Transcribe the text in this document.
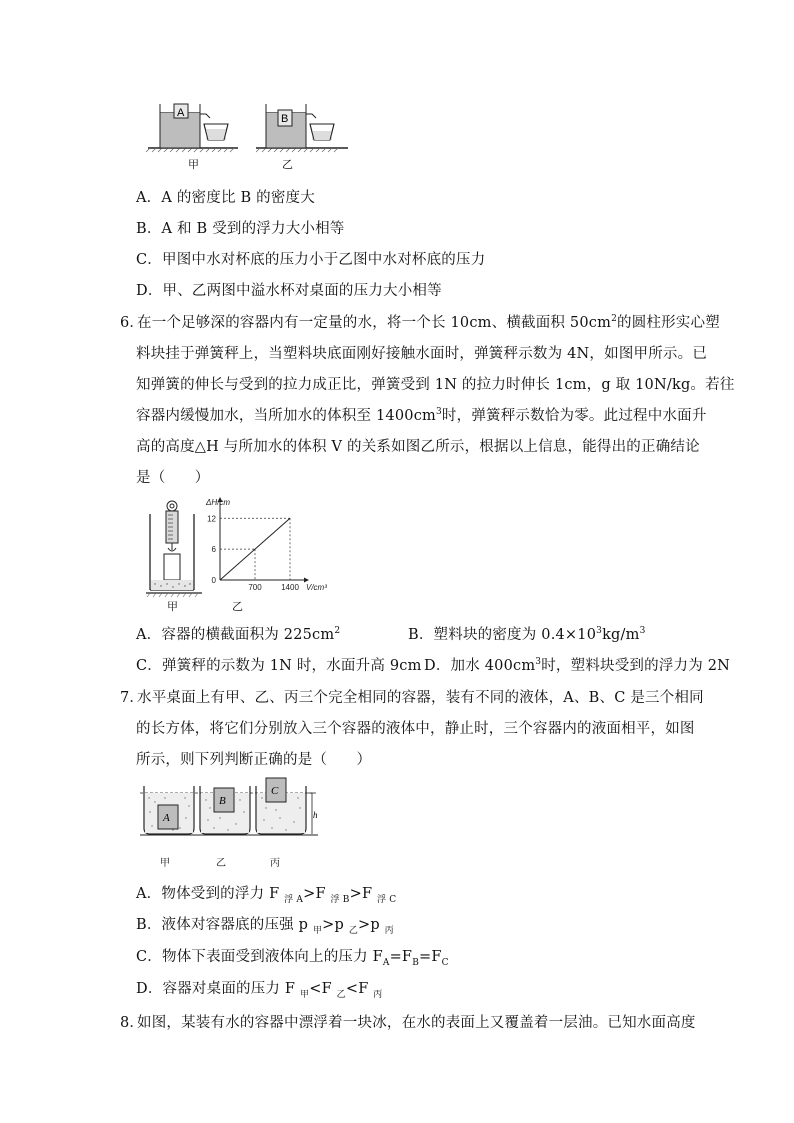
A	B
甲	乙
A．A 的密度比 B 的密度大
B．A 和 B 受到的浮力大小相等
C．甲图中水对杯底的压力小于乙图中水对杯底的压力
D．甲、乙两图中溢水杯对桌面的压力大小相等
6．
在一个足够深的容器内有一定量的水，将一个长 10cm、横截面积 $50cm^2$的圆柱形实心塑
料块挂于弹簧秤上，当塑料块底面刚好接触水面时，弹簧秤示数为 4N，如图甲所示。已
知弹簧的伸长与受到的拉力成正比，弹簧受到 1N 的拉力时伸长 1cm，g 取 10N/kg。若往
容器内缓慢加水，当所加水的体积至 $1400cm^3$时，弹簧秤示数恰为零。此过程中水面升
高的高度△H 与所加水的体积 V 的关系如图乙所示，根据以上信息，能得出的正确结论
是（　　）
甲
0
6
12
700 1400
ΔH/cm
V/cm³
乙
A．容器的横截面积为 $225cm^2$	B．塑料块的密度为 $0.4\times 10^3kg/m^3$
C．弹簧秤的示数为 1N 时，水面升高 9cm D．加水 $400cm^3$时，塑料块受到的浮力为 2N
7．
水平桌面上有甲、乙、丙三个完全相同的容器，装有不同的液体，A、B、C 是三个相同
的长方体，将它们分别放入三个容器的液体中，静止时，三个容器内的液面相平，如图
所示，则下列判断正确的是（　　）
A
B
C
h
甲	乙	丙
A．物体受到的浮力 F $_{浮 A}$>F $_{浮 B}$>F $_{浮 C}$
B．液体对容器底的压强 p $_甲$>p $_乙$>p $_丙$
C．物体下表面受到液体向上的压力 $F_A=F_B=F_C$
D．容器对桌面的压力 F $_甲$<F $_乙$<F $_丙$
8．
如图，某装有水的容器中漂浮着一块冰，在水的表面上又覆盖着一层油。已知水面高度
